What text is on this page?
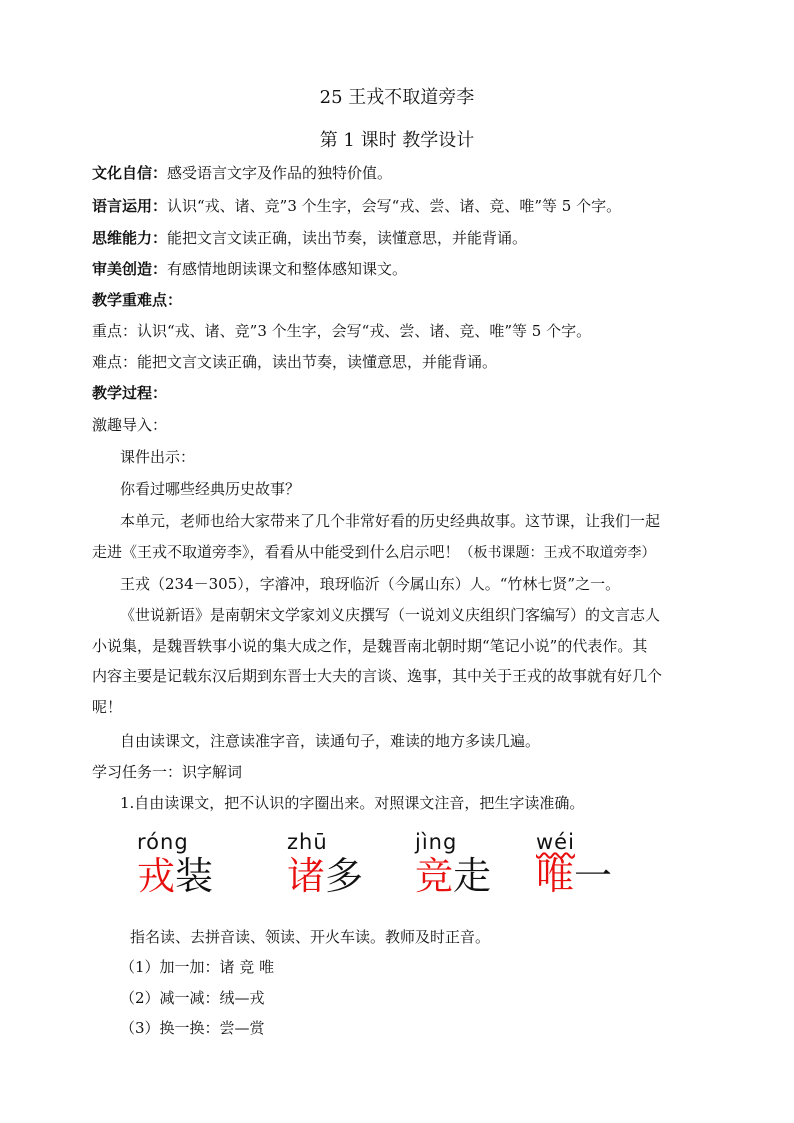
25 王戎不取道旁李
第 1 课时 教学设计
文化自信：感受语言文字及作品的独特价值。
语言运用：认识“戎、诸、竞”3 个生字，会写“戎、尝、诸、竞、唯”等 5 个字。
思维能力：能把文言文读正确，读出节奏，读懂意思，并能背诵。
审美创造：有感情地朗读课文和整体感知课文。
教学重难点：
重点：认识“戎、诸、竞”3 个生字，会写“戎、尝、诸、竞、唯”等 5 个字。
难点：能把文言文读正确，读出节奏，读懂意思，并能背诵。
教学过程：
激趣导入：
课件出示：
你看过哪些经典历史故事？
本单元，老师也给大家带来了几个非常好看的历史经典故事。这节课，让我们一起
走进《王戎不取道旁李》，看看从中能受到什么启示吧！（板书课题：王戎不取道旁李）
王戎（234－305），字濬冲，琅玡临沂（今属山东）人。“竹林七贤”之一。
《世说新语》是南朝宋文学家刘义庆撰写（一说刘义庆组织门客编写）的文言志人
小说集，是魏晋轶事小说的集大成之作，是魏晋南北朝时期“笔记小说”的代表作。其
内容主要是记载东汉后期到东晋士大夫的言谈、逸事，其中关于王戎的故事就有好几个
呢！
自由读课文，注意读准字音，读通句子，难读的地方多读几遍。
学习任务一：识字解词
1.自由读课文，把不认识的字圈出来。对照课文注音，把生字读准确。
róng
戎装
zhū
诸多
jìng
竞走
wéi
唯一
指名读、去拼音读、领读、开火车读。教师及时正音。
（1）加一加：诸 竞 唯
（2）减一减：绒—戎
（3）换一换：尝—赏
